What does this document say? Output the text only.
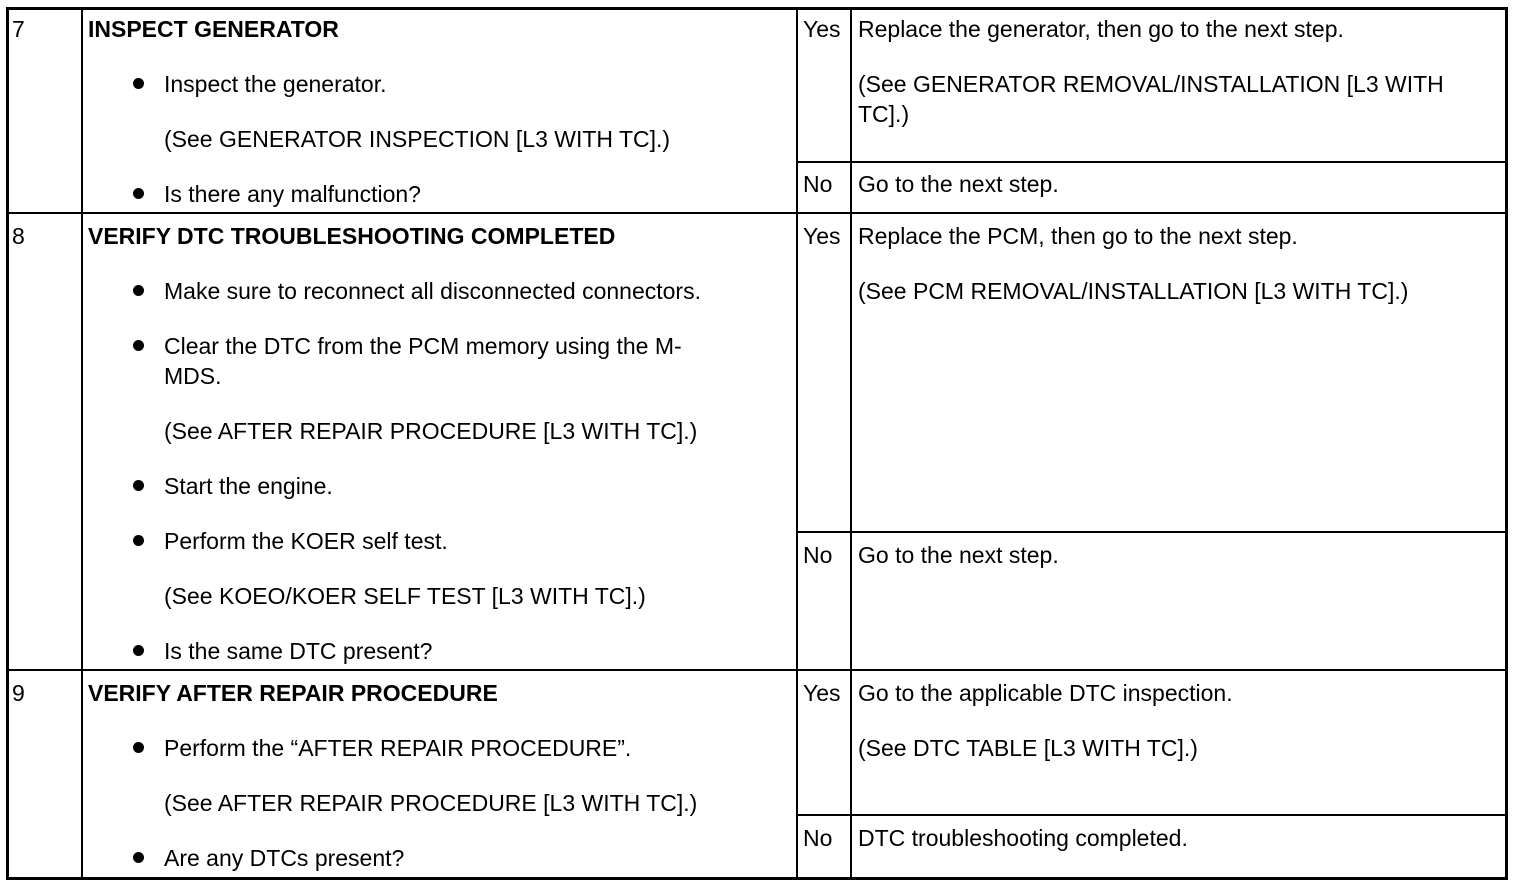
7	INSPECT GENERATOR
Inspect the generator.
(See GENERATOR INSPECTION [L3 WITH TC].)
Is there any malfunction?
Yes Replace the generator, then go to the next step.
(See GENERATOR REMOVAL/INSTALLATION [L3 WITH TC].)
No Go to the next step.
8	VERIFY DTC TROUBLESHOOTING COMPLETED
Make sure to reconnect all disconnected connectors.
Clear the DTC from the PCM memory using the M-MDS.
(See AFTER REPAIR PROCEDURE [L3 WITH TC].)
Start the engine.
Perform the KOER self test.
(See KOEO/KOER SELF TEST [L3 WITH TC].)
Is the same DTC present?
Yes Replace the PCM, then go to the next step.
(See PCM REMOVAL/INSTALLATION [L3 WITH TC].)
No Go to the next step.
9	VERIFY AFTER REPAIR PROCEDURE
Perform the “AFTER REPAIR PROCEDURE”.
(See AFTER REPAIR PROCEDURE [L3 WITH TC].)
Are any DTCs present?
Yes Go to the applicable DTC inspection.
(See DTC TABLE [L3 WITH TC].)
No DTC troubleshooting completed.
